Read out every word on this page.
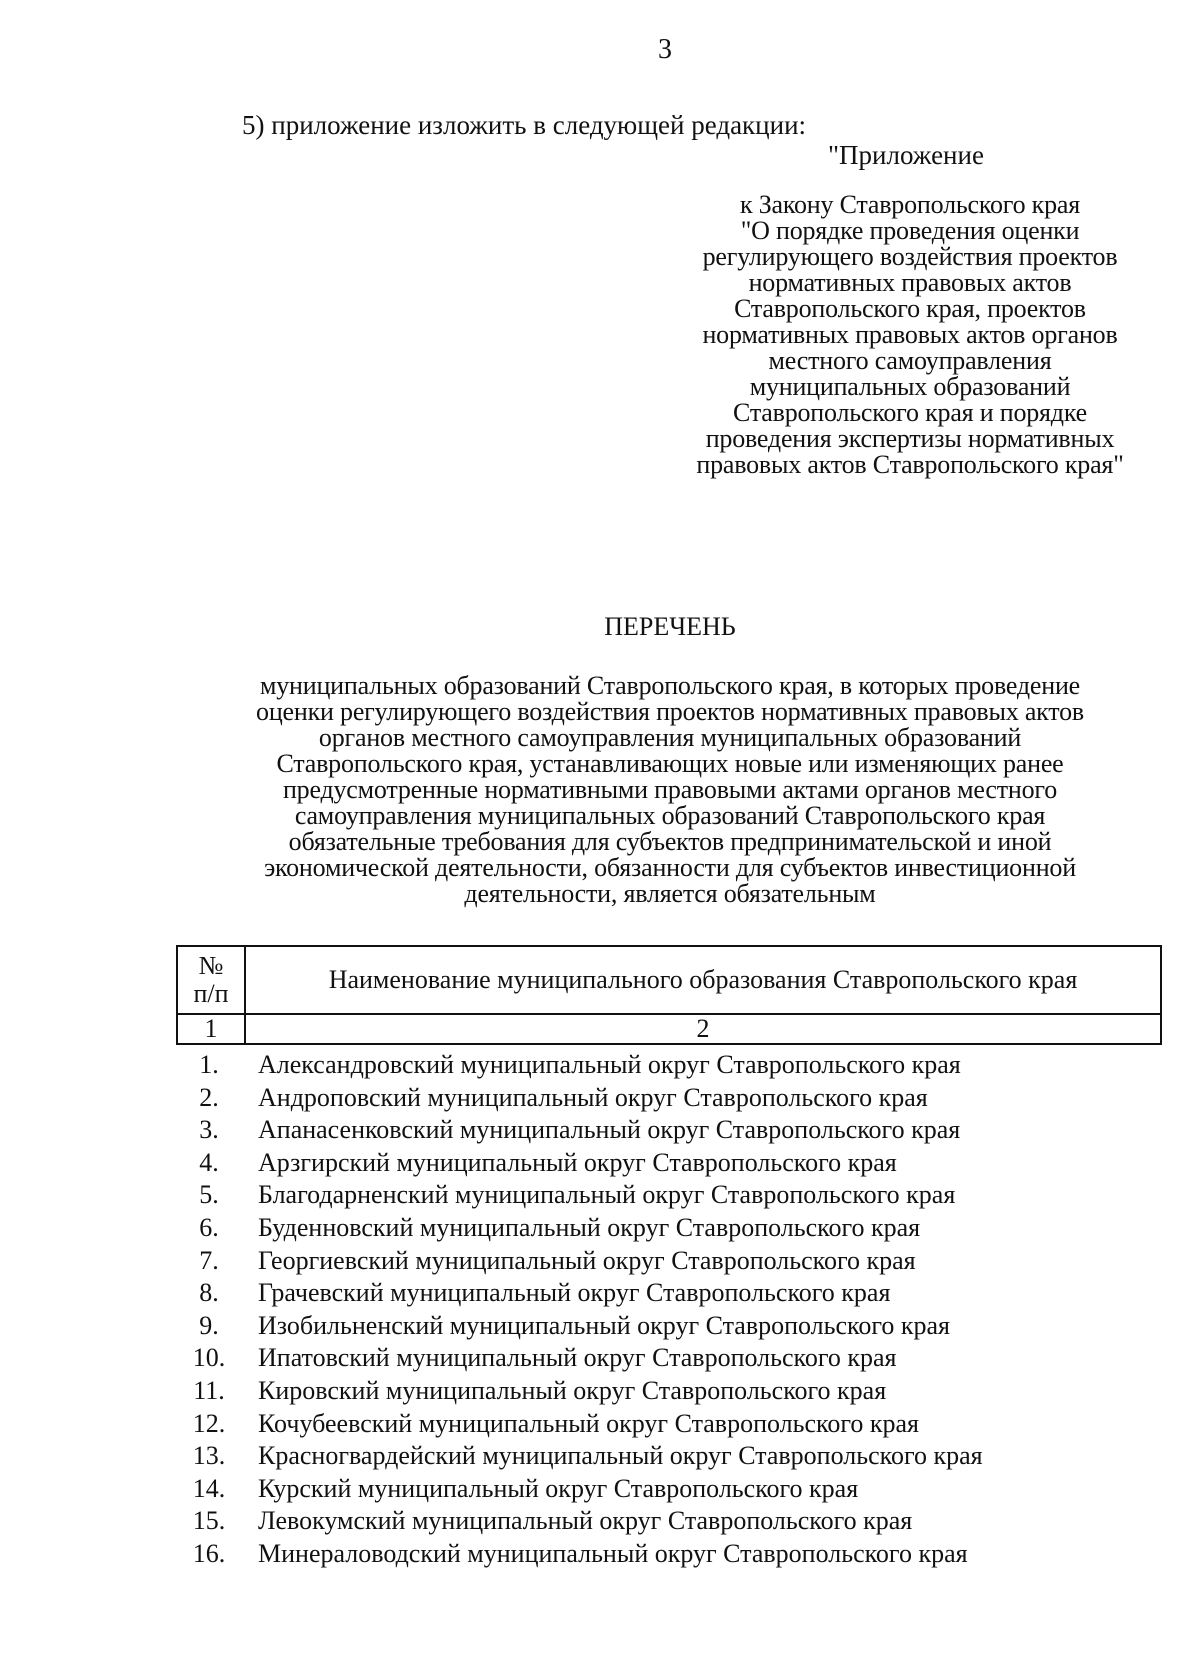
3
5) приложение изложить в следующей редакции:
"Приложение
к Закону Ставропольского края
"О порядке проведения оценки
регулирующего воздействия проектов
нормативных правовых актов
Ставропольского края, проектов
нормативных правовых актов органов
местного самоуправления
муниципальных образований
Ставропольского края и порядке
проведения экспертизы нормативных
правовых актов Ставропольского края"
ПЕРЕЧЕНЬ
муниципальных образований Ставропольского края, в которых проведение
оценки регулирующего воздействия проектов нормативных правовых актов
органов местного самоуправления муниципальных образований
Ставропольского края, устанавливающих новые или изменяющих ранее
предусмотренные нормативными правовыми актами органов местного
самоуправления муниципальных образований Ставропольского края
обязательные требования для субъектов предпринимательской и иной
экономической деятельности, обязанности для субъектов инвестиционной
деятельности, является обязательным
№
п/п	Наименование муниципального образования Ставропольского края
1	2
1. Александровский муниципальный округ Ставропольского края
2. Андроповский муниципальный округ Ставропольского края
3. Апанасенковский муниципальный округ Ставропольского края
4. Арзгирский муниципальный округ Ставропольского края
5. Благодарненский муниципальный округ Ставропольского края
6. Буденновский муниципальный округ Ставропольского края
7. Георгиевский муниципальный округ Ставропольского края
8. Грачевский муниципальный округ Ставропольского края
9. Изобильненский муниципальный округ Ставропольского края
10. Ипатовский муниципальный округ Ставропольского края
11. Кировский муниципальный округ Ставропольского края
12. Кочубеевский муниципальный округ Ставропольского края
13. Красногвардейский муниципальный округ Ставропольского края
14. Курский муниципальный округ Ставропольского края
15. Левокумский муниципальный округ Ставропольского края
16. Минераловодский муниципальный округ Ставропольского края
